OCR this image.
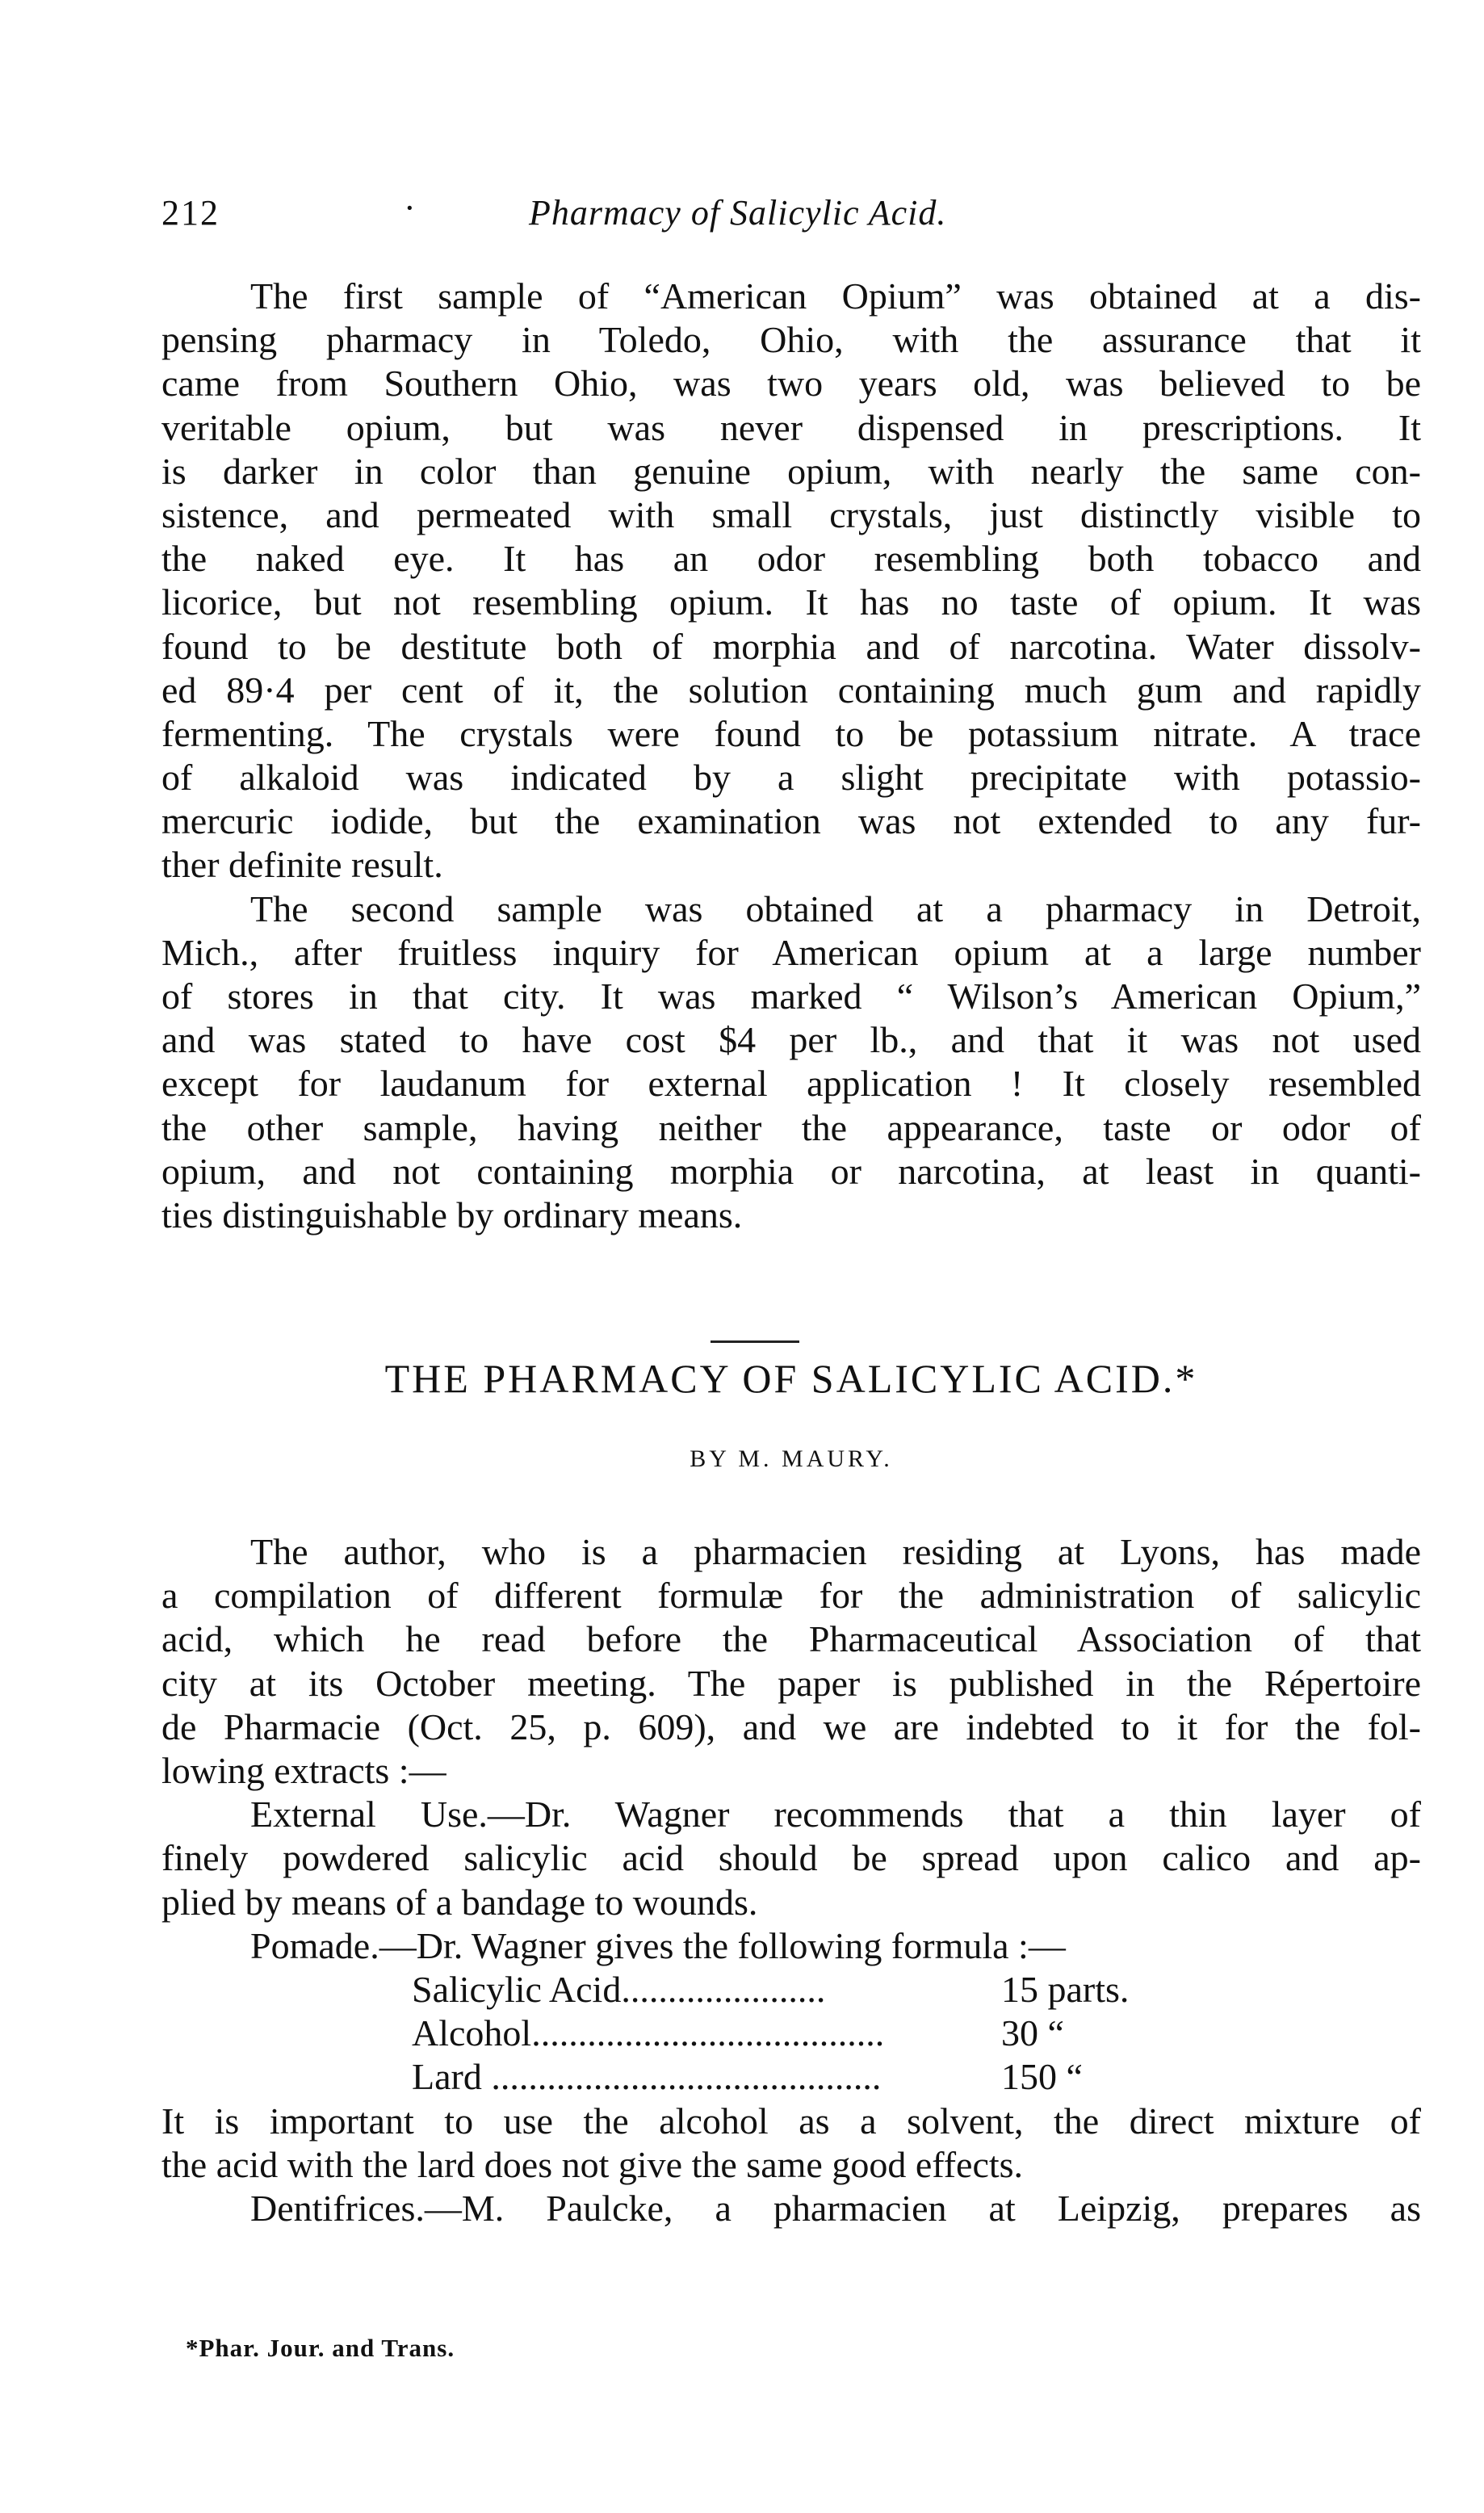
212	·	Pharmacy of Salicylic Acid.
The first sample of “American Opium” was obtained at a dis-
pensing pharmacy in Toledo, Ohio, with the assurance that it
came from Southern Ohio, was two years old, was believed to be
veritable opium, but was never dispensed in prescriptions. It
is darker in color than genuine opium, with nearly the same con-
sistence, and permeated with small crystals, just distinctly visible to
the naked eye. It has an odor resembling both tobacco and
licorice, but not resembling opium. It has no taste of opium. It was
found to be destitute both of morphia and of narcotina. Water dissolv-
ed 89·4 per cent of it, the solution containing much gum and rapidly
fermenting. The crystals were found to be potassium nitrate. A trace
of alkaloid was indicated by a slight precipitate with potassio-
mercuric iodide, but the examination was not extended to any fur-
ther definite result.
The second sample was obtained at a pharmacy in Detroit,
Mich., after fruitless inquiry for American opium at a large number
of stores in that city. It was marked “ Wilson’s American Opium,”
and was stated to have cost $4 per lb., and that it was not used
except for laudanum for external application ! It closely resembled
the other sample, having neither the appearance, taste or odor of
opium, and not containing morphia or narcotina, at least in quanti-
ties distinguishable by ordinary means.
THE PHARMACY OF SALICYLIC ACID.*
BY M. MAURY.
The author, who is a pharmacien residing at Lyons, has made
a compilation of different formulæ for the administration of salicylic
acid, which he read before the Pharmaceutical Association of that
city at its October meeting. The paper is published in the Répertoire
de Pharmacie (Oct. 25, p. 609), and we are indebted to it for the fol-
lowing extracts :—
External Use.—Dr. Wagner recommends that a thin layer of
finely powdered salicylic acid should be spread upon calico and ap-
plied by means of a bandage to wounds.
Pomade.—Dr. Wagner gives the following formula :—
Salicylic Acid......................	15 parts.
Alcohol......................................	30 “
Lard ..........................................	150 “
It is important to use the alcohol as a solvent, the direct mixture of
the acid with the lard does not give the same good effects.
Dentifrices.—M. Paulcke, a pharmacien at Leipzig, prepares as
*Phar. Jour. and Trans.
